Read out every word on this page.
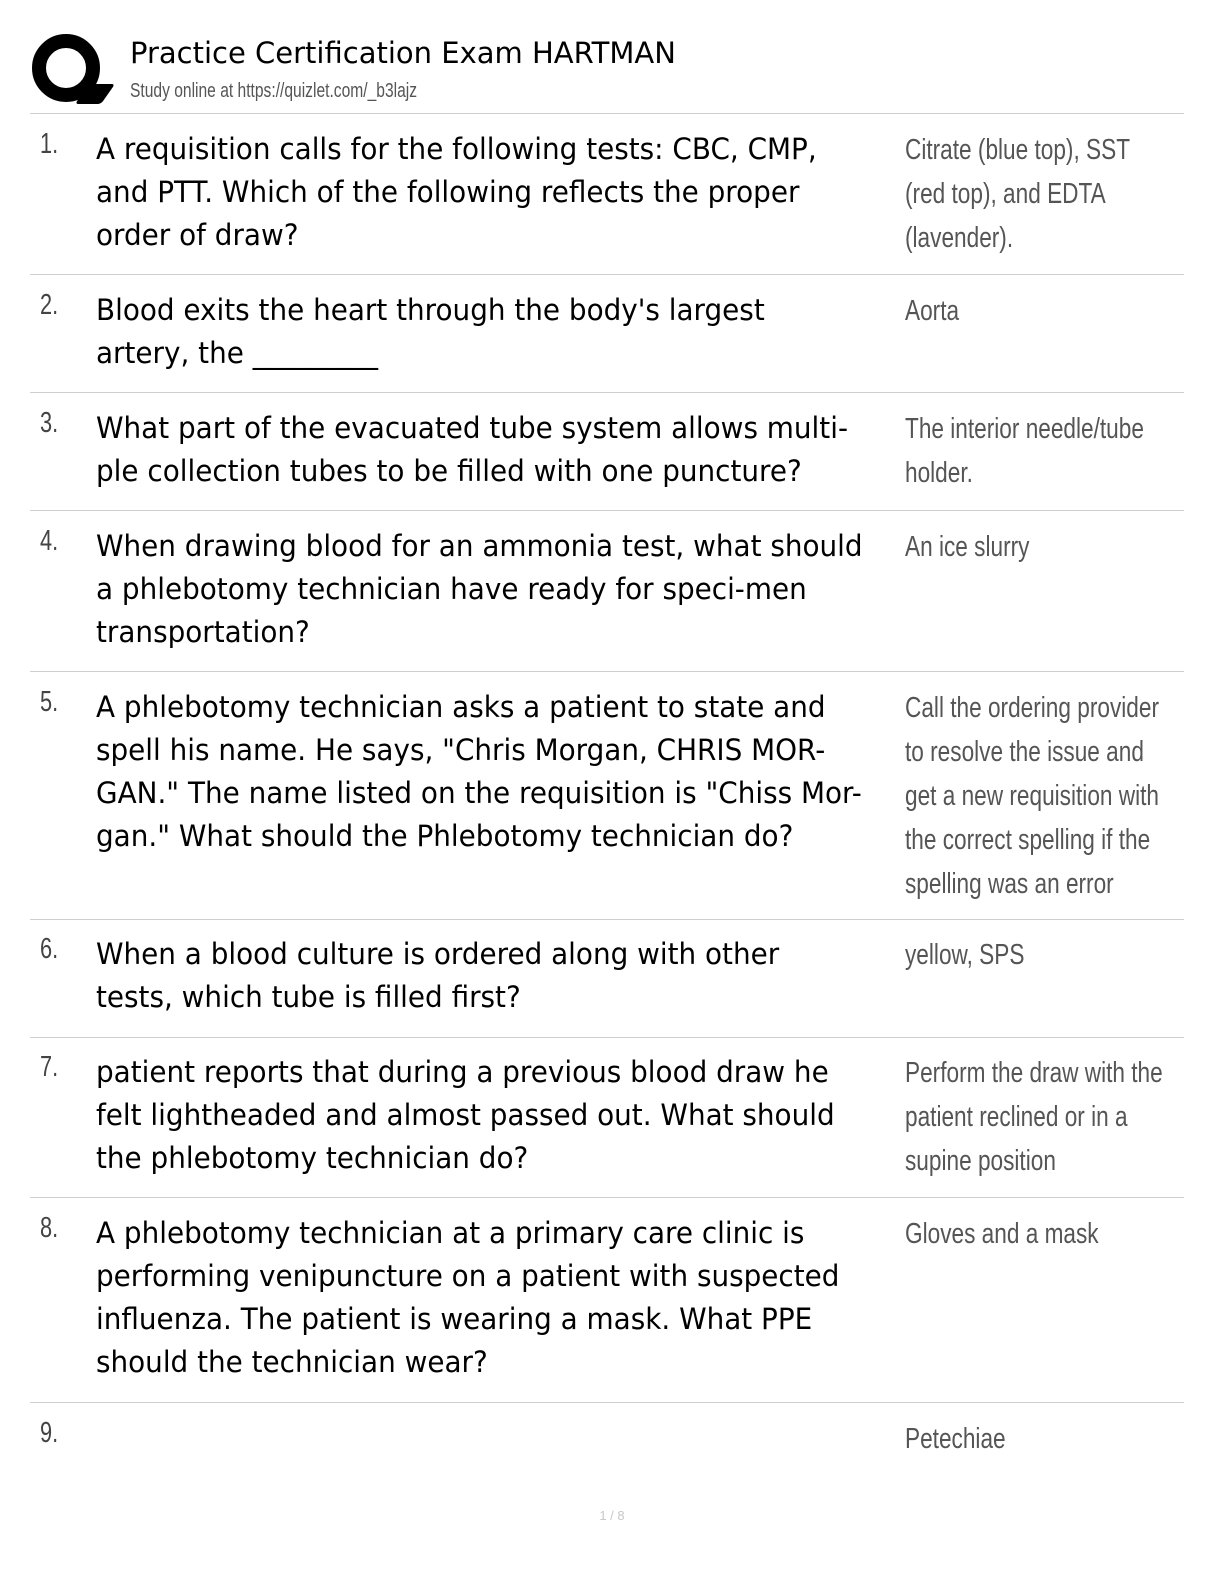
Practice Certification Exam HARTMAN
Study online at https://quizlet.com/_b3lajz
1. A requisition calls for the following tests: CBC, CMP, and PTT. Which of the following reflects the proper order of draw?
Citrate (blue top), SST (red top), and EDTA (lavender).
2. Blood exits the heart through the body's largest artery, the _________
Aorta
3. What part of the evacuated tube system allows multi-ple collection tubes to be filled with one puncture?
The interior needle/tube holder.
4. When drawing blood for an ammonia test, what should a phlebotomy technician have ready for speci-men transportation?
An ice slurry
5. A phlebotomy technician asks a patient to state and spell his name. He says, "Chris Morgan, CHRIS MOR-GAN." The name listed on the requisition is "Chiss Mor-gan." What should the Phlebotomy technician do?
Call the ordering provider to resolve the issue and get a new requisition with the correct spelling if the spelling was an error
6. When a blood culture is ordered along with other tests, which tube is filled first?
yellow, SPS
7. patient reports that during a previous blood draw he felt lightheaded and almost passed out. What should the phlebotomy technician do?
Perform the draw with the patient reclined or in a supine position
8. A phlebotomy technician at a primary care clinic is performing venipuncture on a patient with suspected influenza. The patient is wearing a mask. What PPE should the technician wear?
Gloves and a mask
9.	Petechiae
1 / 8
